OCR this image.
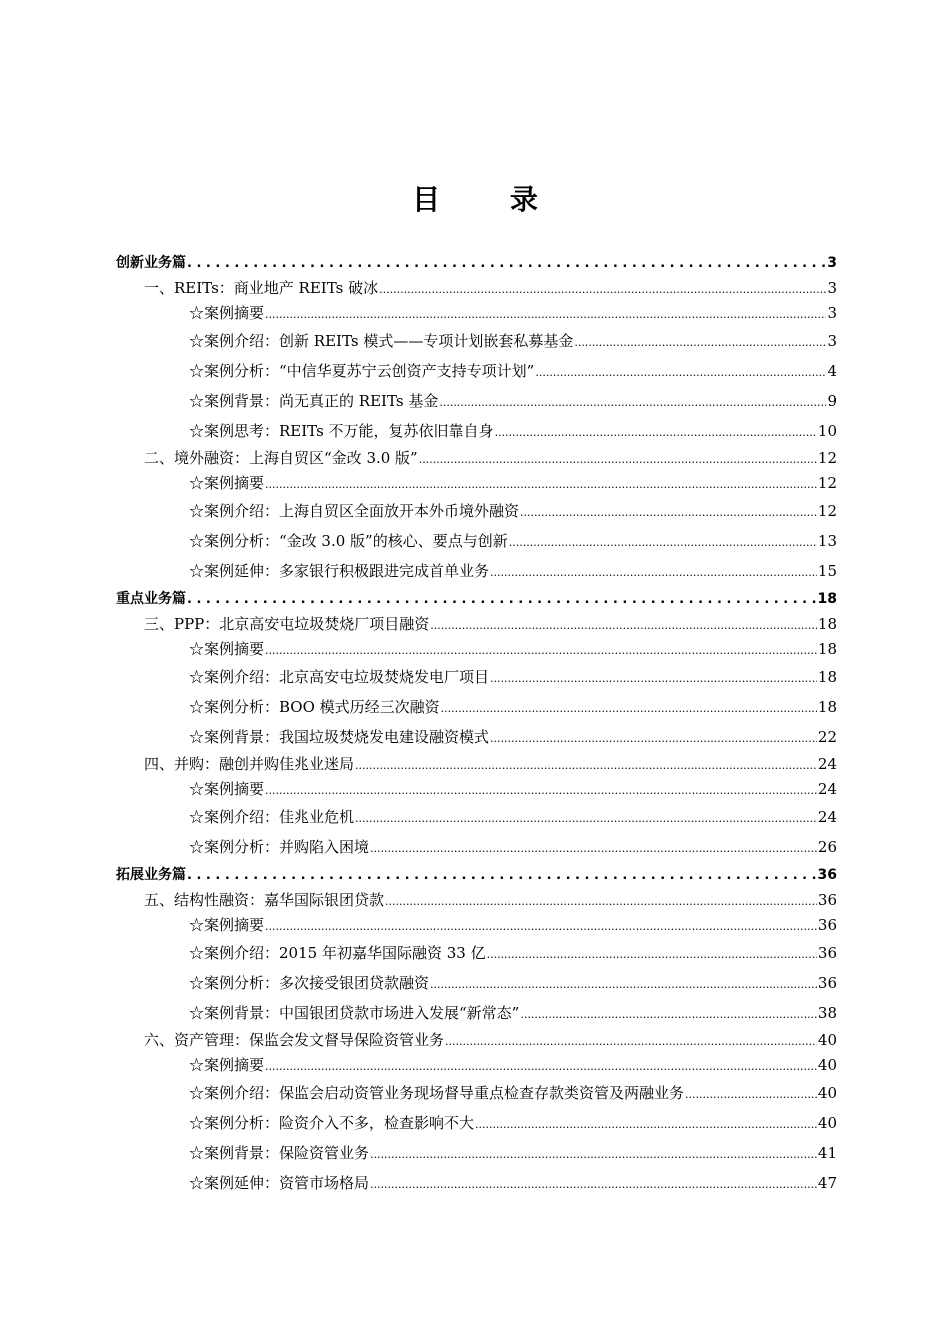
目 录
创新业务篇 . . .	3
一、REITs：商业地产 REITs 破冰 .....	3
☆案例摘要 .....	3
☆案例介绍：创新 REITs 模式——专项计划嵌套私募基金 .....	3
☆案例分析：“中信华夏苏宁云创资产支持专项计划” .....	4
☆案例背景：尚无真正的 REITs 基金 .....	9
☆案例思考：REITs 不万能，复苏依旧靠自身 .....	10
二、境外融资：上海自贸区“金改 3.0 版” .....	12
☆案例摘要 .....	12
☆案例介绍：上海自贸区全面放开本外币境外融资 .....	12
☆案例分析：“金改 3.0 版”的核心、要点与创新 .....	13
☆案例延伸：多家银行积极跟进完成首单业务 .....	15
重点业务篇 . . .	18
三、PPP：北京高安屯垃圾焚烧厂项目融资 .....	18
☆案例摘要 .....	18
☆案例介绍：北京高安屯垃圾焚烧发电厂项目 .....	18
☆案例分析：BOO 模式历经三次融资 .....	18
☆案例背景：我国垃圾焚烧发电建设融资模式 .....	22
四、并购：融创并购佳兆业迷局 .....	24
☆案例摘要 .....	24
☆案例介绍：佳兆业危机 .....	24
☆案例分析：并购陷入困境 .....	26
拓展业务篇 . . .	36
五、结构性融资：嘉华国际银团贷款 .....	36
☆案例摘要 .....	36
☆案例介绍：2015 年初嘉华国际融资 33 亿 .....	36
☆案例分析：多次接受银团贷款融资 .....	36
☆案例背景：中国银团贷款市场进入发展“新常态” .....	38
六、资产管理：保监会发文督导保险资管业务 .....	40
☆案例摘要 .....	40
☆案例介绍：保监会启动资管业务现场督导重点检查存款类资管及两融业务 .....	40
☆案例分析：险资介入不多，检查影响不大 .....	40
☆案例背景：保险资管业务 .....	41
☆案例延伸：资管市场格局 .....	47
